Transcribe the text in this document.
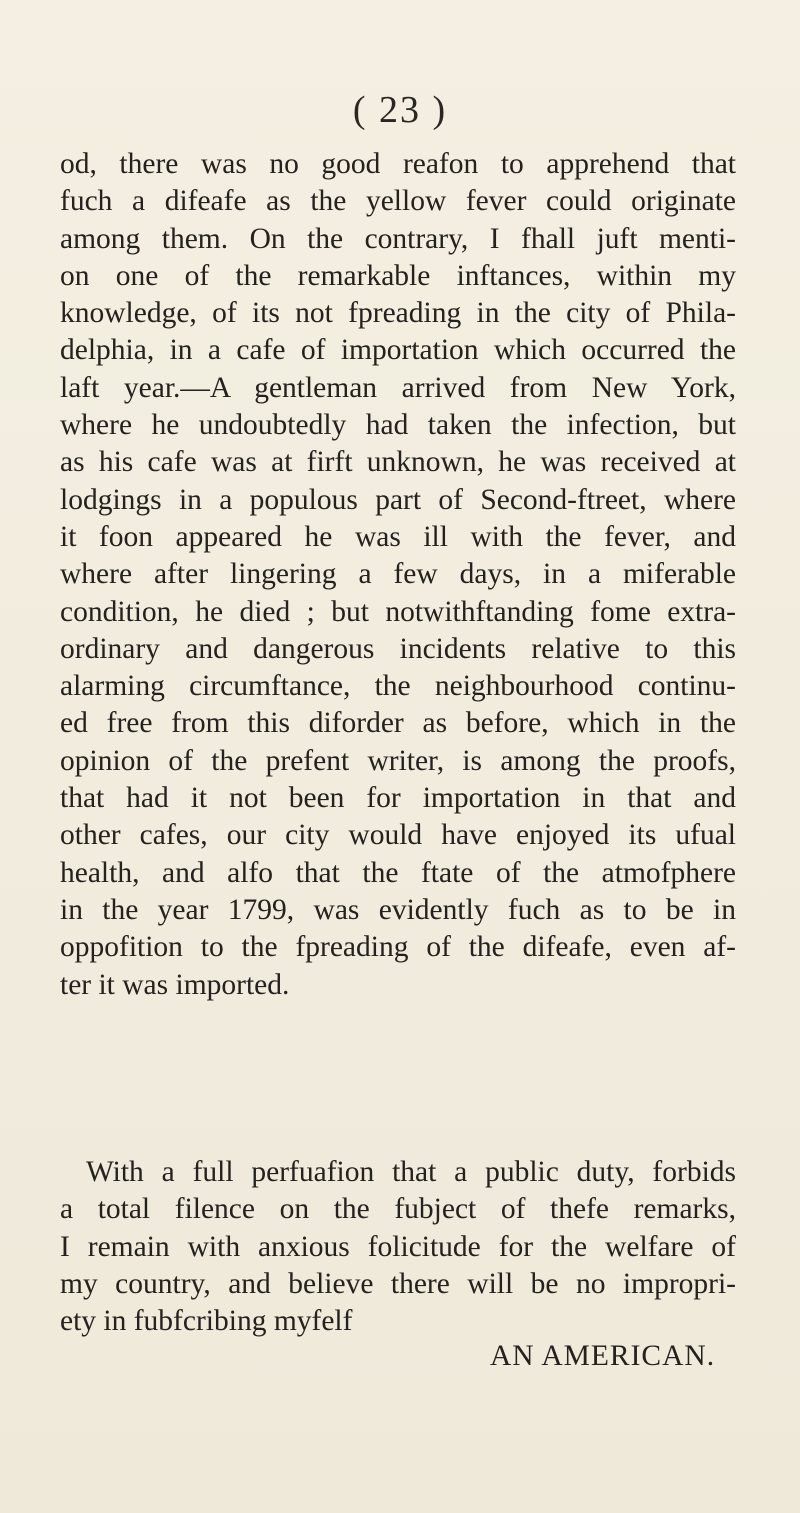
( 23 )
od, there was no good reafon to apprehend that
fuch a difeafe as the yellow fever could originate
among them. On the contrary, I fhall juft menti-
on one of the remarkable inftances, within my
knowledge, of its not fpreading in the city of Phila-
delphia, in a cafe of importation which occurred the
laft year.—A gentleman arrived from New York,
where he undoubtedly had taken the infection, but
as his cafe was at firft unknown, he was received at
lodgings in a populous part of Second-ftreet, where
it foon appeared he was ill with the fever, and
where after lingering a few days, in a miferable
condition, he died ; but notwithftanding fome extra-
ordinary and dangerous incidents relative to this
alarming circumftance, the neighbourhood continu-
ed free from this diforder as before, which in the
opinion of the prefent writer, is among the proofs,
that had it not been for importation in that and
other cafes, our city would have enjoyed its ufual
health, and alfo that the ftate of the atmofphere
in the year 1799, was evidently fuch as to be in
oppofition to the fpreading of the difeafe, even af-
ter it was imported.
With a full perfuafion that a public duty, forbids
a total filence on the fubject of thefe remarks,
I remain with anxious folicitude for the welfare of
my country, and believe there will be no impropri-
ety in fubfcribing myfelf
AN AMERICAN.
